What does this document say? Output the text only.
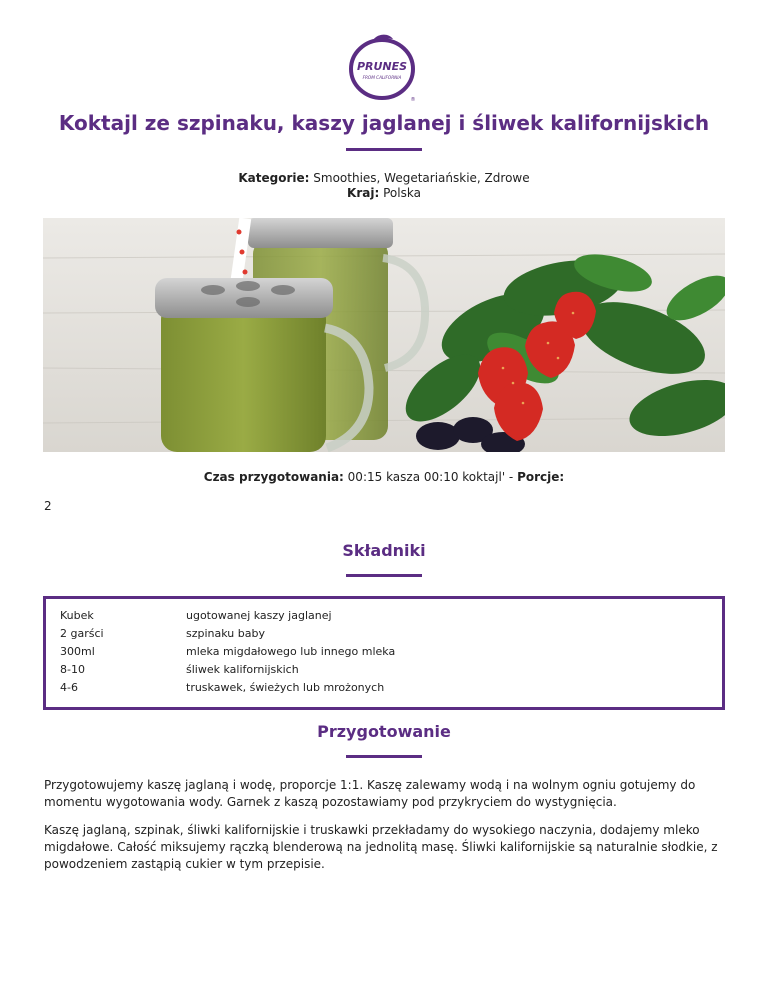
PRUNES
FROM CALIFORNIA
®
Koktajl ze szpinaku, kaszy jaglanej i śliwek kalifornijskich
Kategorie: Smoothies, Wegetariańskie, Zdrowe
Kraj: Polska
Czas przygotowania: 00:15 kasza 00:10 koktajl' - Porcje:
2
Składniki
Kubek	ugotowanej kaszy jaglanej
2 garści	szpinaku baby
300ml	mleka migdałowego lub innego mleka
8-10	śliwek kalifornijskich
4-6	truskawek, świeżych lub mrożonych
Przygotowanie

Przygotowujemy kaszę jaglaną i wodę, proporcje 1:1. Kaszę zalewamy wodą i na wolnym ogniu gotujemy do momentu wygotowania wody. Garnek z kaszą pozostawiamy pod przykryciem do wystygnięcia.

Kaszę jaglaną, szpinak, śliwki kalifornijskie i truskawki przekładamy do wysokiego naczynia, dodajemy mleko migdałowe. Całość miksujemy rączką blenderową na jednolitą masę. Śliwki kalifornijskie są naturalnie słodkie, z powodzeniem zastąpią cukier w tym przepisie.
